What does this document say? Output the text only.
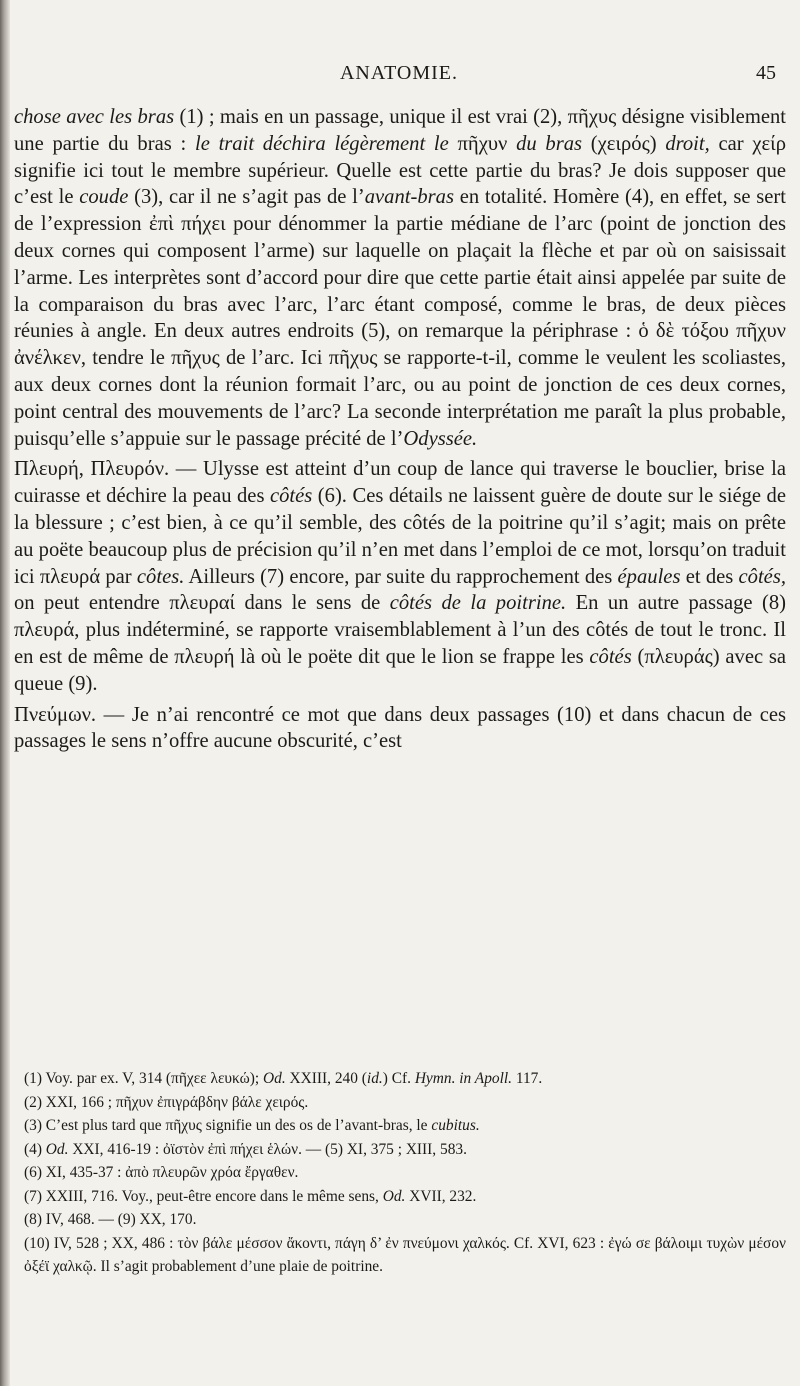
ANATOMIE.	45

chose avec les bras (1) ; mais en un passage, unique il est vrai (2), πῆχυς désigne visiblement une partie du bras : le trait déchira légèrement le πῆχυν du bras (χειρός) droit, car χείρ signifie ici tout le membre supérieur. Quelle est cette partie du bras? Je dois supposer que c’est le coude (3), car il ne s’agit pas de l’avant-bras en totalité. Homère (4), en effet, se sert de l’expression ἐπὶ πήχει pour dénommer la partie médiane de l’arc (point de jonction des deux cornes qui composent l’arme) sur laquelle on plaçait la flèche et par où on saisissait l’arme. Les interprètes sont d’accord pour dire que cette partie était ainsi appelée par suite de la comparaison du bras avec l’arc, l’arc étant composé, comme le bras, de deux pièces réunies à angle. En deux autres endroits (5), on remarque la périphrase : ὁ δὲ τόξου πῆχυν ἀνέλκεν, tendre le πῆχυς de l’arc. Ici πῆχυς se rapporte-t-il, comme le veulent les scoliastes, aux deux cornes dont la réunion formait l’arc, ou au point de jonction de ces deux cornes, point central des mouvements de l’arc? La seconde interprétation me paraît la plus probable, puisqu’elle s’appuie sur le passage précité de l’Odyssée.

Πλευρή, Πλευρόν. — Ulysse est atteint d’un coup de lance qui traverse le bouclier, brise la cuirasse et déchire la peau des côtés (6). Ces détails ne laissent guère de doute sur le siége de la blessure ; c’est bien, à ce qu’il semble, des côtés de la poitrine qu’il s’agit; mais on prête au poëte beaucoup plus de précision qu’il n’en met dans l’emploi de ce mot, lorsqu’on traduit ici πλευρά par côtes. Ailleurs (7) encore, par suite du rapprochement des épaules et des côtés, on peut entendre πλευραί dans le sens de côtés de la poitrine. En un autre passage (8) πλευρά, plus indéterminé, se rapporte vraisemblablement à l’un des côtés de tout le tronc. Il en est de même de πλευρή là où le poëte dit que le lion se frappe les côtés (πλευράς) avec sa queue (9).

Πνεύμων. — Je n’ai rencontré ce mot que dans deux passages (10) et dans chacun de ces passages le sens n’offre aucune obscurité, c’est

(1) Voy. par ex. V, 314 (πῆχεε λευκώ); Od. XXIII, 240 (id.) Cf. Hymn. in Apoll. 117.

(2) XXI, 166 ; πῆχυν ἐπιγράβδην βάλε χειρός.

(3) C’est plus tard que πῆχυς signifie un des os de l’avant-bras, le cubitus.

(4) Od. XXI, 416-19 : ὀϊστὸν ἐπὶ πήχει ἑλών. — (5) XI, 375 ; XIII, 583.

(6) XI, 435-37 : ἀπὸ πλευρῶν χρόα ἔργαθεν.

(7) XXIII, 716. Voy., peut-être encore dans le même sens, Od. XVII, 232.

(8) IV, 468. — (9) XX, 170.

(10) IV, 528 ; XX, 486 : τὸν βάλε μέσσον ἄκοντι, πάγη δ’ ἐν πνεύμονι χαλκός. Cf. XVI, 623 : ἐγώ σε βάλοιμι τυχὼν μέσον ὀξέϊ χαλκῷ. Il s’agit probablement d’une plaie de poitrine.
